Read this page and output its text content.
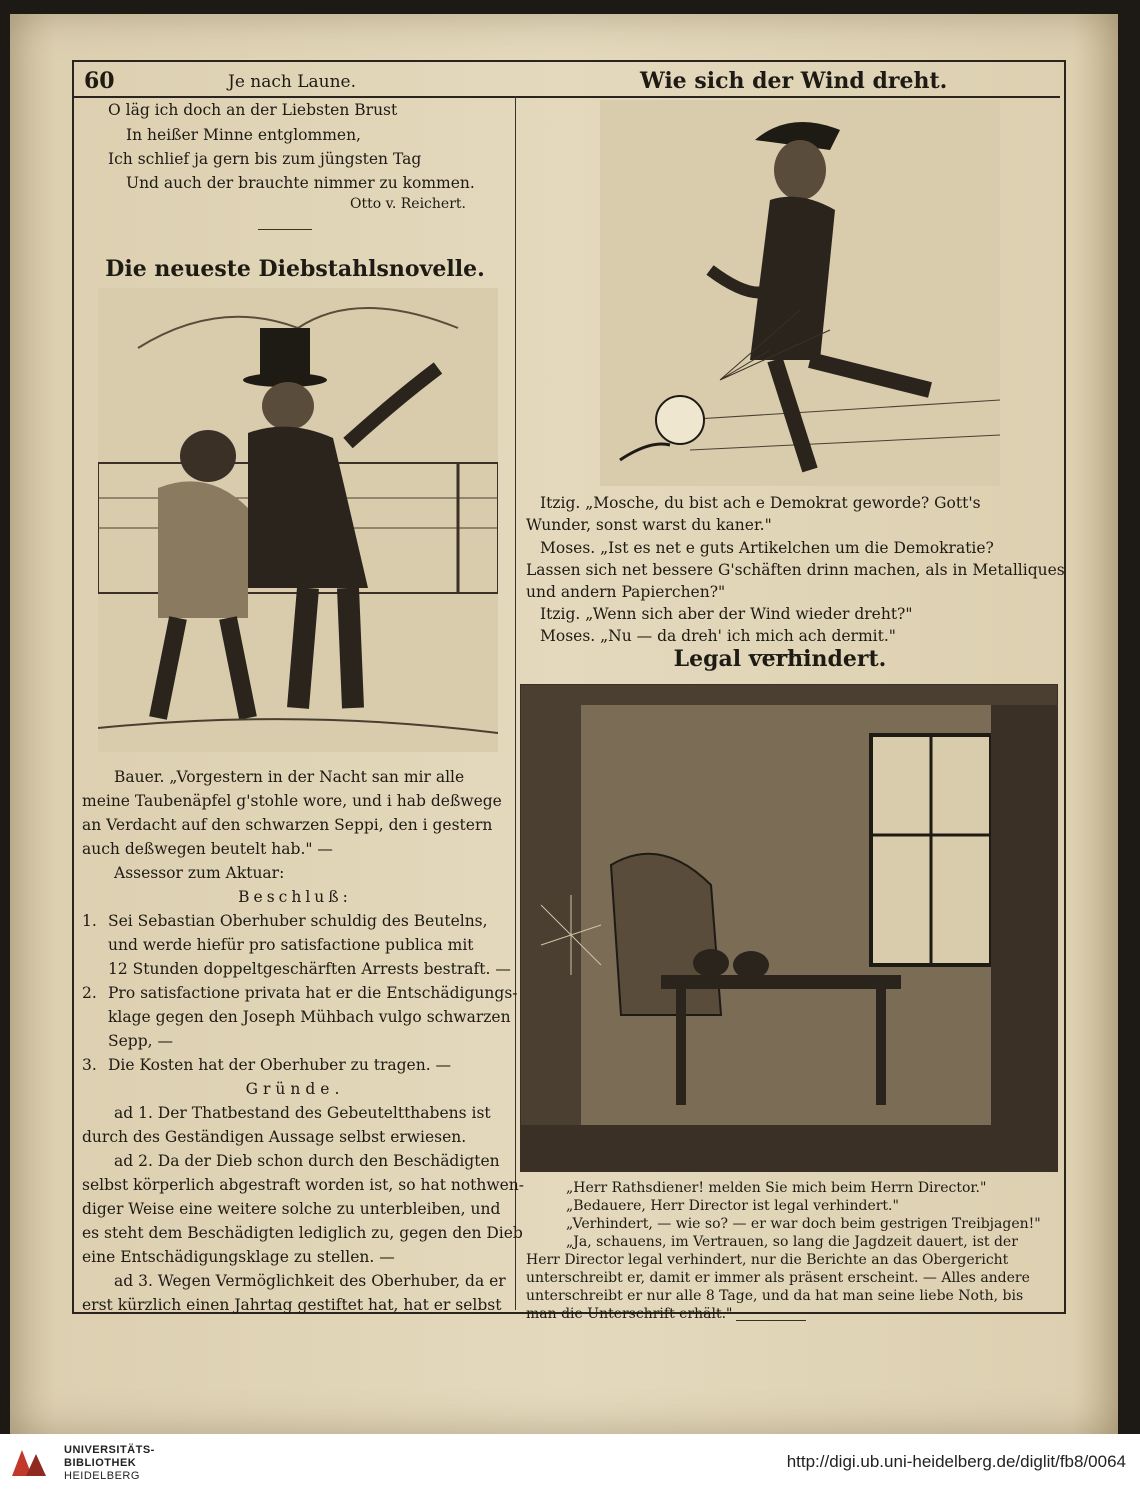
60	Je nach Laune.	Wie sich der Wind dreht.
O läg ich doch an der Liebsten Brust
In heißer Minne entglommen,
Ich schlief ja gern bis zum jüngsten Tag
Und auch der brauchte nimmer zu kommen.
Otto v. Reichert.
Die neueste Diebstahlsnovelle.
Bauer. „Vorgestern in der Nacht san mir alle
meine Taubenäpfel g'stohle wore, und i hab deßwege
an Verdacht auf den schwarzen Seppi, den i gestern
auch deßwegen beutelt hab." —
Assessor zum Aktuar:
Beschluß:
1. Sei Sebastian Oberhuber schuldig des Beutelns,
und werde hiefür pro satisfactione publica mit
12 Stunden doppeltgeschärften Arrests bestraft. —
2. Pro satisfactione privata hat er die Entschädigungs-
klage gegen den Joseph Mühbach vulgo schwarzen
Sepp, —
3. Die Kosten hat der Oberhuber zu tragen. —
Gründe.
ad 1. Der Thatbestand des Gebeuteltthabens ist
durch des Geständigen Aussage selbst erwiesen.
ad 2. Da der Dieb schon durch den Beschädigten
selbst körperlich abgestraft worden ist, so hat nothwen-
diger Weise eine weitere solche zu unterbleiben, und
es steht dem Beschädigten lediglich zu, gegen den Dieb
eine Entschädigungsklage zu stellen. —
ad 3. Wegen Vermöglichkeit des Oberhuber, da er
erst kürzlich einen Jahrtag gestiftet hat, hat er selbst
Itzig. „Mosche, du bist ach e Demokrat geworde? Gott's
Wunder, sonst warst du kaner."
Moses. „Ist es net e guts Artikelchen um die Demokratie?
Lassen sich net bessere G'schäften drinn machen, als in Metalliques
und andern Papierchen?"
Itzig. „Wenn sich aber der Wind wieder dreht?"
Moses. „Nu — da dreh' ich mich ach dermit."
Legal verhindert.
„Herr Rathsdiener! melden Sie mich beim Herrn Director."
„Bedauere, Herr Director ist legal verhindert."
„Verhindert, — wie so? — er war doch beim gestrigen Treibjagen!"
„Ja, schauens, im Vertrauen, so lang die Jagdzeit dauert, ist der
Herr Director legal verhindert, nur die Berichte an das Obergericht
unterschreibt er, damit er immer als präsent erscheint. — Alles andere
unterschreibt er nur alle 8 Tage, und da hat man seine liebe Noth, bis
man die Unterschrift erhält."
UNIVERSITÄTS-
BIBLIOTHEK
HEIDELBERG
http://digi.ub.uni-heidelberg.de/diglit/fb8/0064
